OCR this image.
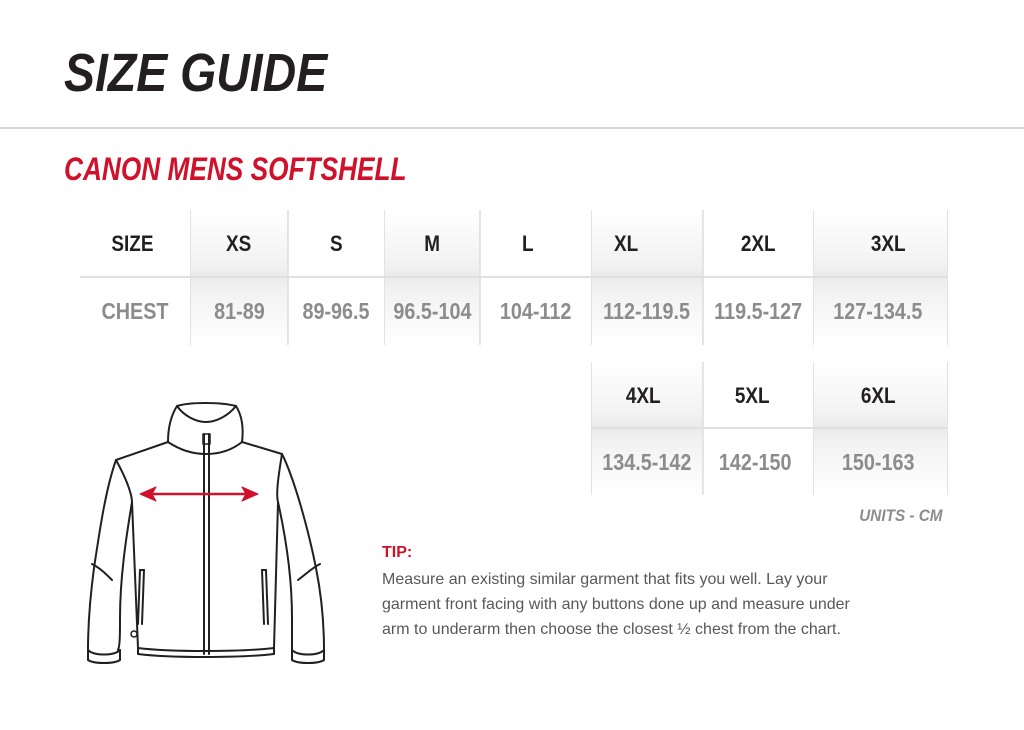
SIZE GUIDE
CANON MENS SOFTSHELL
SIZE	XS	S	M	L	XL	2XL	3XL
CHEST 81-89 89-96.5 96.5-104 104-112 112-119.5 119.5-127 127-134.5
4XL	5XL	6XL
134.5-142 142-150 150-163
UNITS - CM
TIP:
Measure an existing similar garment that fits you well. Lay your
garment front facing with any buttons done up and measure under
arm to underarm then choose the closest ½ chest from the chart.
